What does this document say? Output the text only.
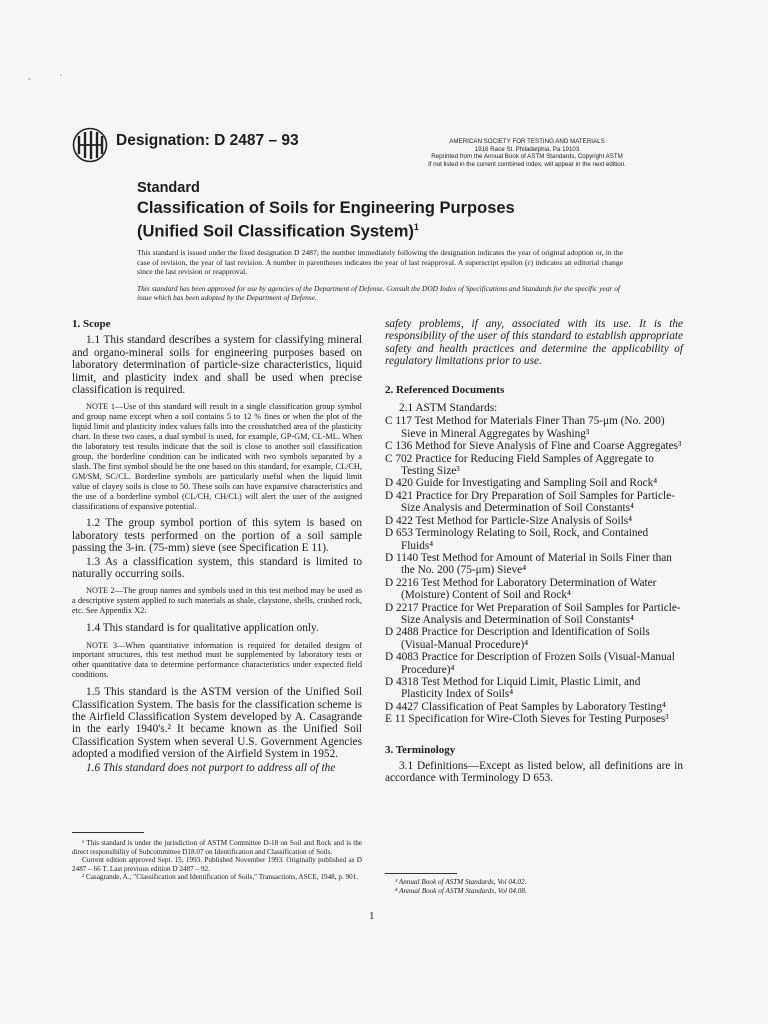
Designation: D 2487 – 93	AMERICAN SOCIETY FOR TESTING AND MATERIALS
1916 Race St. Philadelphia, Pa 19103
Reprinted from the Annual Book of ASTM Standards, Copyright ASTM
If not listed in the current combined index, will appear in the next edition.
Standard
Classification of Soils for Engineering Purposes
(Unified Soil Classification System)$^1$
This standard is issued under the fixed designation D 2487; the number immediately following the designation indicates the year of original adoption or, in the case of revision, the year of last revision. A number in parentheses indicates the year of last reapproval. A superscript epsilon (ε) indicates an editorial change since the last revision or reapproval.
This standard has been approved for use by agencies of the Department of Defense. Consult the DOD Index of Specifications and Standards for the specific year of issue which has been adopted by the Department of Defense.
1. Scope

1.1 This standard describes a system for classifying mineral and organo-mineral soils for engineering purposes based on laboratory determination of particle-size characteristics, liquid limit, and plasticity index and shall be used when precise classification is required.

NOTE 1—Use of this standard will result in a single classification group symbol and group name except when a soil contains 5 to 12 % fines or when the plot of the liquid limit and plasticity index values falls into the crosshatched area of the plasticity chart. In these two cases, a dual symbol is used, for example, GP-GM, CL-ML. When the laboratory test results indicate that the soil is close to another soil classification group, the borderline condition can be indicated with two symbols separated by a slash. The first symbol should be the one based on this standard, for example, CL/CH, GM/SM, SC/CL. Borderline symbols are particularly useful when the liquid limit value of clayey soils is close to 50. These soils can have expansive characteristics and the use of a borderline symbol (CL/CH, CH/CL) will alert the user of the assigned classifications of expansive potential.

1.2 The group symbol portion of this sytem is based on laboratory tests performed on the portion of a soil sample passing the 3-in. (75-mm) sieve (see Specification E 11).

1.3 As a classification system, this standard is limited to naturally occurring soils.

NOTE 2—The group names and symbols used in this test method may be used as a descriptive system applied to such materials as shale, claystone, shells, crushed rock, etc. See Appendix X2.

1.4 This standard is for qualitative application only.

NOTE 3—When quantitative information is required for detailed designs of important structures, this test method must be supplemented by laboratory tests or other quantitative data to determine performance characteristics under expected field conditions.

1.5 This standard is the ASTM version of the Unified Soil Classification System. The basis for the classification scheme is the Airfield Classification System developed by A. Casagrande in the early 1940's.² It became known as the Unified Soil Classification System when several U.S. Government Agencies adopted a modified version of the Airfield System in 1952.

1.6 This standard does not purport to address all of the

¹ This standard is under the jurisdiction of ASTM Committee D-18 on Soil and Rock and is the direct responsibility of Subcommittee D18.07 on Identification and Classification of Soils.

Current edition approved Sept. 15, 1993. Published November 1993. Originally published as D 2487 – 66 T. Last previous edition D 2487 – 92.

² Casagrande, A., "Classification and Identification of Soils," Transactions, ASCE, 1948, p. 901.

safety problems, if any, associated with its use. It is the responsibility of the user of this standard to establish appropriate safety and health practices and determine the applicability of regulatory limitations prior to use.

2. Referenced Documents

2.1 ASTM Standards:

C 117 Test Method for Materials Finer Than 75-μm (No. 200) Sieve in Mineral Aggregates by Washing³
C 136 Method for Sieve Analysis of Fine and Coarse Aggregates³
C 702 Practice for Reducing Field Samples of Aggregate to Testing Size³
D 420 Guide for Investigating and Sampling Soil and Rock⁴
D 421 Practice for Dry Preparation of Soil Samples for Particle-Size Analysis and Determination of Soil Constants⁴
D 422 Test Method for Particle-Size Analysis of Soils⁴
D 653 Terminology Relating to Soil, Rock, and Contained Fluids⁴
D 1140 Test Method for Amount of Material in Soils Finer than the No. 200 (75-μm) Sieve⁴
D 2216 Test Method for Laboratory Determination of Water (Moisture) Content of Soil and Rock⁴
D 2217 Practice for Wet Preparation of Soil Samples for Particle-Size Analysis and Determination of Soil Constants⁴
D 2488 Practice for Description and Identification of Soils (Visual-Manual Procedure)⁴
D 4083 Practice for Description of Frozen Soils (Visual-Manual Procedure)⁴
D 4318 Test Method for Liquid Limit, Plastic Limit, and Plasticity Index of Soils⁴
D 4427 Classification of Peat Samples by Laboratory Testing⁴
E 11 Specification for Wire-Cloth Sieves for Testing Purposes³
3. Terminology

3.1 Definitions—Except as listed below, all definitions are in accordance with Terminology D 653.

³ Annual Book of ASTM Standards, Vol 04.02.

⁴ Annual Book of ASTM Standards, Vol 04.08.

1
